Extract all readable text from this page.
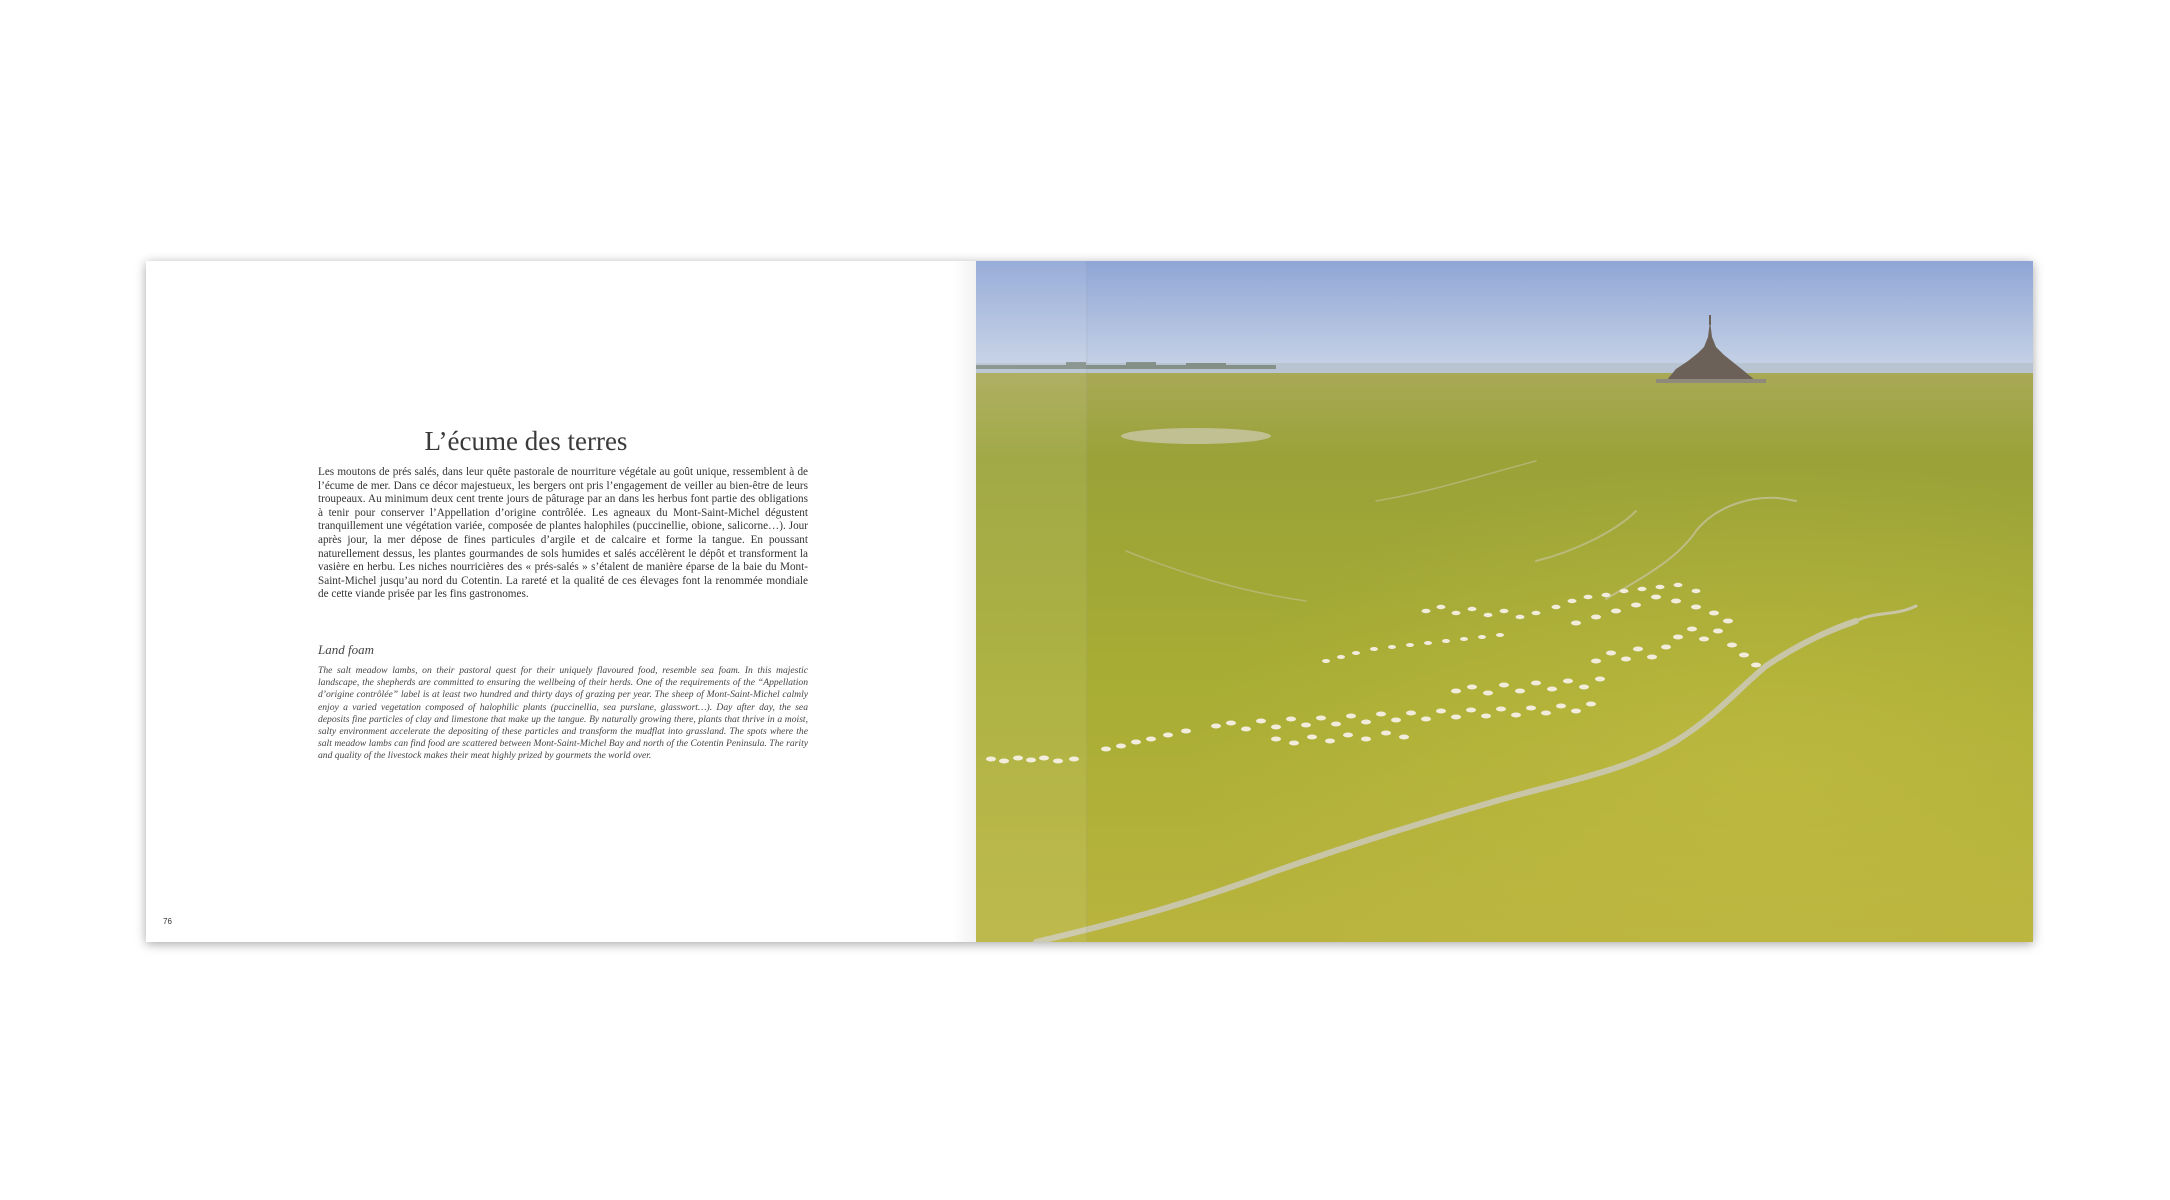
L’écume des terres
Les moutons de prés salés, dans leur quête pastorale de nourriture végétale au goût unique, ressemblent à de l’écume de mer. Dans ce décor majestueux, les bergers ont pris l’engagement de veiller au bien-être de leurs troupeaux. Au minimum deux cent trente jours de pâturage par an dans les herbus font partie des obligations à tenir pour conserver l’Appellation d’origine contrôlée. Les agneaux du Mont-Saint-Michel dégustent tranquillement une végétation variée, composée de plantes halophiles (puccinellie, obione, salicorne…). Jour après jour, la mer dépose de fines particules d’argile et de calcaire et forme la tangue. En poussant naturellement dessus, les plantes gourmandes de sols humides et salés accélèrent le dépôt et transforment la vasière en herbu. Les niches nourricières des « prés-salés » s’étalent de manière éparse de la baie du Mont-Saint-Michel jusqu’au nord du Cotentin. La rareté et la qualité de ces élevages font la renommée mondiale de cette viande prisée par les fins gastronomes.
Land foam
The salt meadow lambs, on their pastoral quest for their uniquely flavoured food, resemble sea foam. In this majestic landscape, the shepherds are committed to ensuring the wellbeing of their herds. One of the requirements of the “Appellation d’origine contrôlée” label is at least two hundred and thirty days of grazing per year. The sheep of Mont-Saint-Michel calmly enjoy a varied vegetation composed of halophilic plants (puccinellia, sea purslane, glasswort…). Day after day, the sea deposits fine particles of clay and limestone that make up the tangue. By naturally growing there, plants that thrive in a moist, salty environment accelerate the depositing of these particles and transform the mudflat into grassland. The spots where the salt meadow lambs can find food are scattered between Mont-Saint-Michel Bay and north of the Cotentin Peninsula. The rarity and quality of the livestock makes their meat highly prized by gourmets the world over.
76
